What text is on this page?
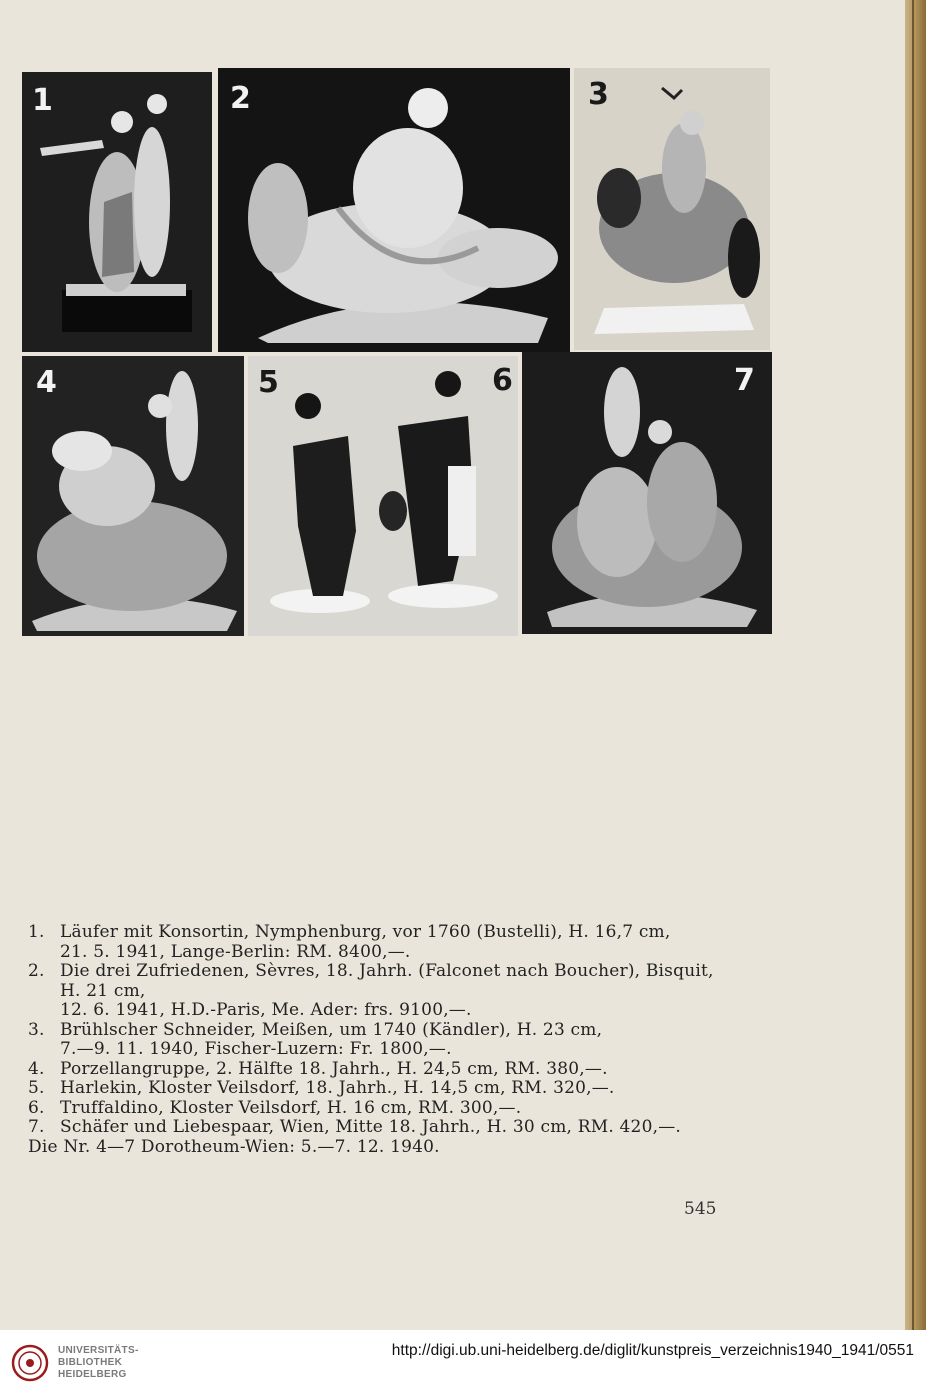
1	2	3
4	5	6	7
1. Läufer mit Konsortin, Nymphenburg, vor 1760 (Bustelli), H. 16,7 cm,
21. 5. 1941, Lange-Berlin: RM. 8400,—.
2. Die drei Zufriedenen, Sèvres, 18. Jahrh. (Falconet nach Boucher), Bisquit,
H. 21 cm,
12. 6. 1941, H.D.-Paris, Me. Ader: frs. 9100,—.
3. Brühlscher Schneider, Meißen, um 1740 (Kändler), H. 23 cm,
7.—9. 11. 1940, Fischer-Luzern: Fr. 1800,—.
4. Porzellangruppe, 2. Hälfte 18. Jahrh., H. 24,5 cm, RM. 380,—.
5. Harlekin, Kloster Veilsdorf, 18. Jahrh., H. 14,5 cm, RM. 320,—.
6. Truffaldino, Kloster Veilsdorf, H. 16 cm, RM. 300,—.
7. Schäfer und Liebespaar, Wien, Mitte 18. Jahrh., H. 30 cm, RM. 420,—.
Die Nr. 4—7 Dorotheum-Wien: 5.—7. 12. 1940.
545
UNIVERSITÄTS-
BIBLIOTHEK
HEIDELBERG
http://digi.ub.uni-heidelberg.de/diglit/kunstpreis_verzeichnis1940_1941/0551
